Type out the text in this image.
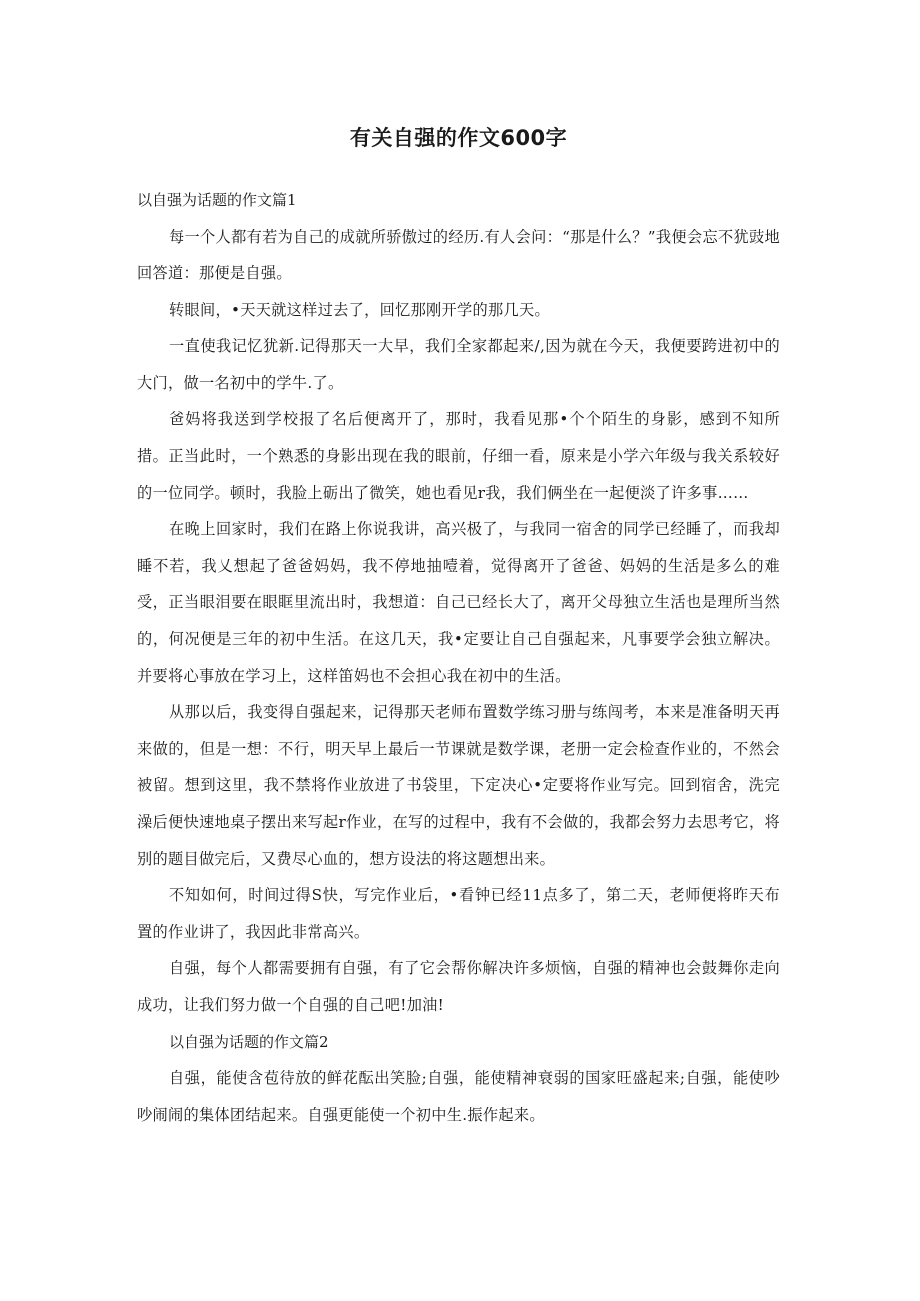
有关自强的作文600字

以自强为话题的作文篇1

每一个人都有若为自己的成就所骄傲过的经历.有人会问：“那是什么？”我便会忘不犹豉地回答道：那便是自强。

转眼间，•天天就这样过去了，回忆那刚开学的那几天。

一直使我记忆犹新.记得那天一大早，我们全家都起来/,因为就在今天，我便要跨进初中的大门，做一名初中的学牛.了。

爸妈将我送到学校报了名后便离开了，那时，我看见那•个个陌生的身影，感到不知所措。正当此时，一个熟悉的身影出现在我的眼前，仔细一看，原来是小学六年级与我关系较好的一位同学。顿时，我脸上砺出了微笑，她也看见r我，我们俩坐在一起便淡了许多事……

在晚上回家时，我们在路上你说我讲，高兴极了，与我同一宿舍的同学已经睡了，而我却睡不若，我乂想起了爸爸妈妈，我不停地抽噎着，觉得离开了爸爸、妈妈的生活是多么的难受，正当眼泪要在眼眶里流出时，我想道：自己已经长大了，离开父母独立生活也是理所当然的，何况便是三年的初中生活。在这几天，我•定要让自己自强起来，凡事要学会独立解决。并要将心事放在学习上，这样笛妈也不会担心我在初中的生活。

从那以后，我变得自强起来，记得那天老师布置数学练习册与练闯考，本来是准备明天再来做的，但是一想：不行，明天早上最后一节课就是数学课，老册一定会检查作业的，不然会被留。想到这里，我不禁将作业放进了书袋里，下定决心•定要将作业写完。回到宿舍，洗完澡后便快速地桌子摆出来写起r作业，在写的过程中，我有不会做的，我都会努力去思考它，将别的题目做完后，又费尽心血的，想方设法的将这题想出来。

不知如何，时间过得S快，写完作业后，•看钟已经11点多了，第二天，老师便将昨天布置的作业讲了，我因此非常高兴。

自强，每个人都需要拥有自强，有了它会帮你解决许多烦恼，自强的精神也会鼓舞你走向成功，让我们努力做一个自强的自己吧!加油!

以自强为话题的作文篇2

自强，能使含苞待放的鲜花酝出笑脸;自强，能使精神衰弱的国家旺盛起来;自强，能使吵吵闹闹的集体团结起来。自强更能使一个初中生.振作起来。
